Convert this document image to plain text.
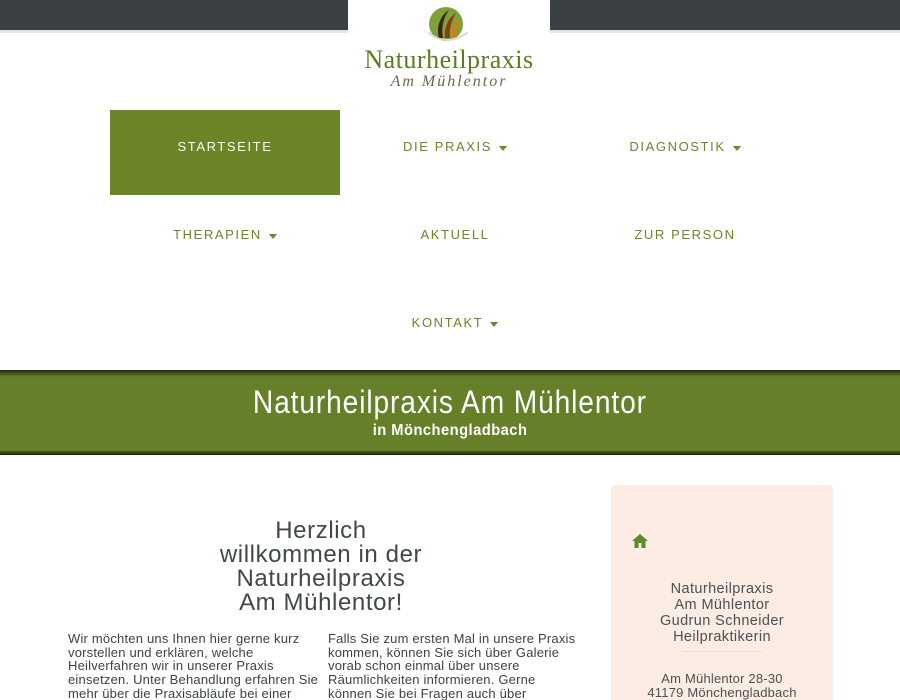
Naturheilpraxis
Am Mühlentor
STARTSEITE	DIE PRAXIS	DIAGNOSTIK
THERAPIEN	AKTUELL	ZUR PERSON
KONTAKT
Naturheilpraxis Am Mühlentor
in Mönchengladbach
Herzlich
willkommen in der
Naturheilpraxis
Am Mühlentor!
Wir möchten uns Ihnen hier gerne kurz vorstellen und erklären, welche Heilverfahren wir in unserer Praxis einsetzen. Unter Behandlung erfahren Sie mehr über die Praxisabläufe bei einer
Falls Sie zum ersten Mal in unsere Praxis kommen, können Sie sich über Galerie vorab schon einmal über unsere Räumlichkeiten informieren. Gerne können Sie bei Fragen auch über
Naturheilpraxis
Am Mühlentor
Gudrun Schneider
Heilpraktikerin
Am Mühlentor 28-30
41179 Mönchengladbach
